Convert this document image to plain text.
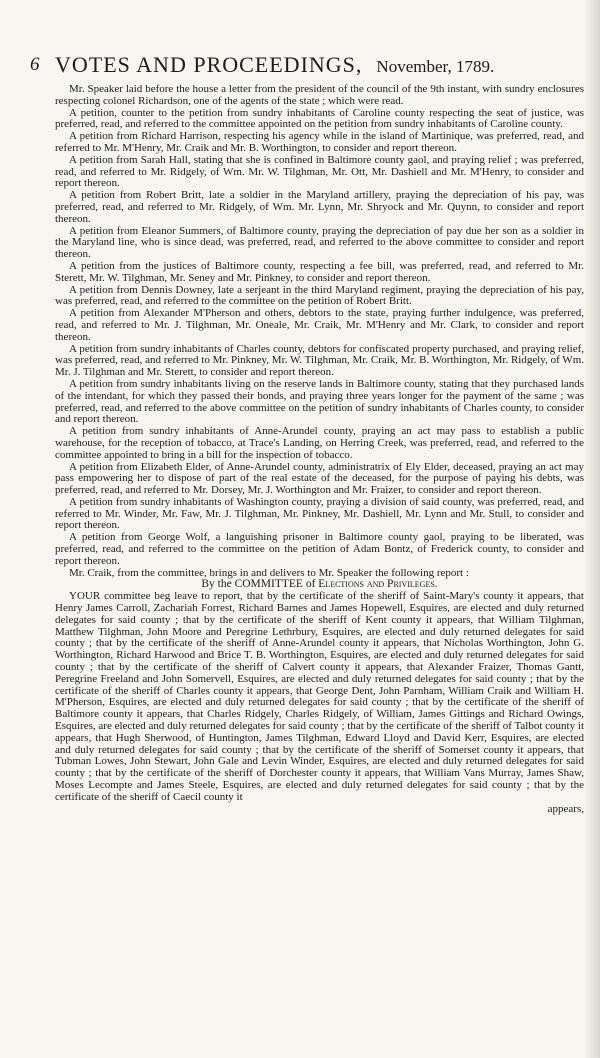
6 VOTES AND PROCEEDINGS, November, 1789.

Mr. Speaker laid before the house a letter from the president of the council of the 9th instant, with sundry enclosures respecting colonel Richardson, one of the agents of the state ; which were read.

A petition, counter to the petition from sundry inhabitants of Caroline county respecting the seat of justice, was preferred, read, and referred to the committee appointed on the petition from sundry inhabitants of Caroline county.

A petition from Richard Harrison, respecting his agency while in the island of Martinique, was preferred, read, and referred to Mr. M'Henry, Mr. Craik and Mr. B. Worthington, to consider and report thereon.

A petition from Sarah Hall, stating that she is confined in Baltimore county gaol, and praying relief ; was preferred, read, and referred to Mr. Ridgely, of Wm. Mr. W. Tilghman, Mr. Ott, Mr. Dashiell and Mr. M'Henry, to consider and report thereon.

A petition from Robert Britt, late a soldier in the Maryland artillery, praying the depreciation of his pay, was preferred, read, and referred to Mr. Ridgely, of Wm. Mr. Lynn, Mr. Shryock and Mr. Quynn, to consider and report thereon.

A petition from Eleanor Summers, of Baltimore county, praying the depreciation of pay due her son as a soldier in the Maryland line, who is since dead, was preferred, read, and referred to the above committee to consider and report thereon.

A petition from the justices of Baltimore county, respecting a fee bill, was preferred, read, and referred to Mr. Sterett, Mr. W. Tilghman, Mr. Seney and Mr. Pinkney, to consider and report thereon.

A petition from Dennis Downey, late a serjeant in the third Maryland regiment, praying the depreciation of his pay, was preferred, read, and referred to the committee on the petition of Robert Britt.

A petition from Alexander M'Pherson and others, debtors to the state, praying further indulgence, was preferred, read, and referred to Mr. J. Tilghman, Mr. Oneale, Mr. Craik, Mr. M'Henry and Mr. Clark, to consider and report thereon.

A petition from sundry inhabitants of Charles county, debtors for confiscated property purchased, and praying relief, was preferred, read, and referred to Mr. Pinkney, Mr. W. Tilghman, Mr. Craik, Mr. B. Worthington, Mr. Ridgely, of Wm. Mr. J. Tilghman and Mr. Sterett, to consider and report thereon.

A petition from sundry inhabitants living on the reserve lands in Baltimore county, stating that they purchased lands of the intendant, for which they passed their bonds, and praying three years longer for the payment of the same ; was preferred, read, and referred to the above committee on the petition of sundry inhabitants of Charles county, to consider and report thereon.

A petition from sundry inhabitants of Anne-Arundel county, praying an act may pass to establish a public warehouse, for the reception of tobacco, at Trace's Landing, on Herring Creek, was preferred, read, and referred to the committee appointed to bring in a bill for the inspection of tobacco.

A petition from Elizabeth Elder, of Anne-Arundel county, administratrix of Ely Elder, deceased, praying an act may pass empowering her to dispose of part of the real estate of the deceased, for the purpose of paying his debts, was preferred, read, and referred to Mr. Dorsey, Mr. J. Worthington and Mr. Fraizer, to consider and report thereon.

A petition from sundry inhabitants of Washington county, praying a division of said county, was preferred, read, and referred to Mr. Winder, Mr. Faw, Mr. J. Tilghman, Mr. Pinkney, Mr. Dashiell, Mr. Lynn and Mr. Stull, to consider and report thereon.

A petition from George Wolf, a languishing prisoner in Baltimore county gaol, praying to be liberated, was preferred, read, and referred to the committee on the petition of Adam Bontz, of Frederick county, to consider and report thereon.

Mr. Craik, from the committee, brings in and delivers to Mr. Speaker the following report :

By the COMMITTEE of Elections and Privileges.

YOUR committee beg leave to report, that by the certificate of the sheriff of Saint-Mary's county it appears, that Henry James Carroll, Zachariah Forrest, Richard Barnes and James Hopewell, Esquires, are elected and duly returned delegates for said county ; that by the certificate of the sheriff of Kent county it appears, that William Tilghman, Matthew Tilghman, John Moore and Peregrine Lethrbury, Esquires, are elected and duly returned delegates for said county ; that by the certificate of the sheriff of Anne-Arundel county it appears, that Nicholas Worthington, John G. Worthington, Richard Harwood and Brice T. B. Worthington, Esquires, are elected and duly returned delegates for said county ; that by the certificate of the sheriff of Calvert county it appears, that Alexander Fraizer, Thomas Gantt, Peregrine Freeland and John Somervell, Esquires, are elected and duly returned delegates for said county ; that by the certificate of the sheriff of Charles county it appears, that George Dent, John Parnham, William Craik and William H. M'Pherson, Esquires, are elected and duly returned delegates for said county ; that by the certificate of the sheriff of Baltimore county it appears, that Charles Ridgely, Charles Ridgely, of William, James Gittings and Richard Owings, Esquires, are elected and duly returned delegates for said county ; that by the certificate of the sheriff of Talbot county it appears, that Hugh Sherwood, of Huntington, James Tilghman, Edward Lloyd and David Kerr, Esquires, are elected and duly returned delegates for said county ; that by the certificate of the sheriff of Somerset county it appears, that Tubman Lowes, John Stewart, John Gale and Levin Winder, Esquires, are elected and duly returned delegates for said county ; that by the certificate of the sheriff of Dorchester county it appears, that William Vans Murray, James Shaw, Moses Lecompte and James Steele, Esquires, are elected and duly returned delegates for said county ; that by the certificate of the sheriff of Caecil county it

appears,
